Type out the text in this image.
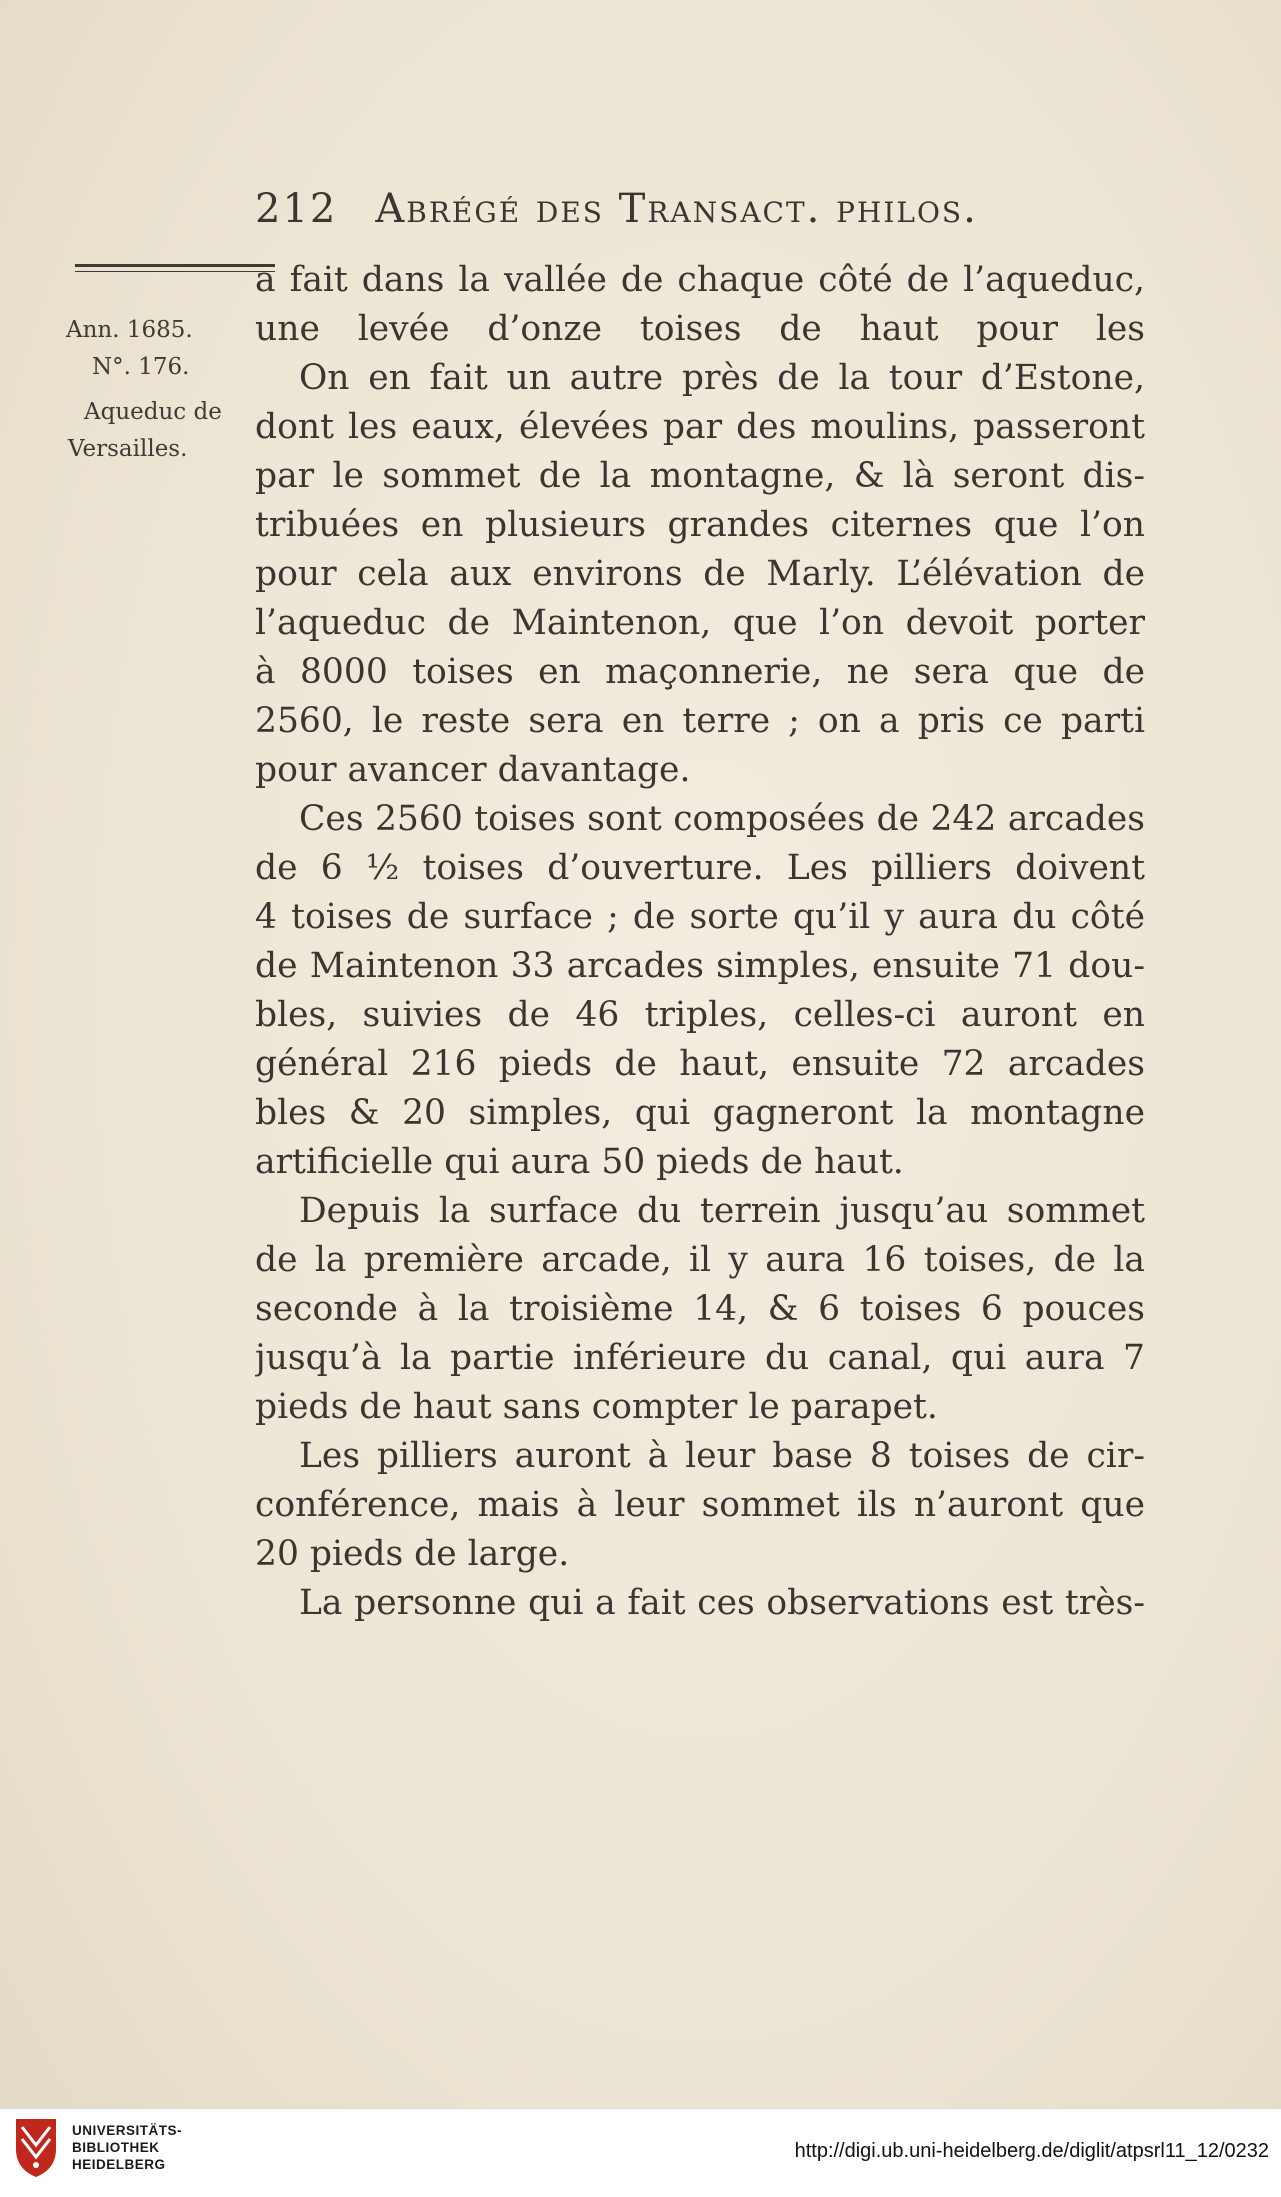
212 Abrégé des Transact. philos.
Ann. 1685.
N°. 176.
Aqueduc de
Versailles.
a fait dans la vallée de chaque côté de l’aqueduc,
une levée d’onze toises de haut pour les
On en fait un autre près de la tour d’Estone,
dont les eaux, élevées par des moulins, passeront
par le sommet de la montagne, & là seront dis-
tribuées en plusieurs grandes citernes que l’on
pour cela aux environs de Marly. L’élévation de
l’aqueduc de Maintenon, que l’on devoit porter
à 8000 toises en maçonnerie, ne sera que de
2560, le reste sera en terre ; on a pris ce parti
pour avancer davantage.
Ces 2560 toises sont composées de 242 arcades
de 6 ½ toises d’ouverture. Les pilliers doivent
4 toises de surface ; de sorte qu’il y aura du côté
de Maintenon 33 arcades simples, ensuite 71 dou-
bles, suivies de 46 triples, celles-ci auront en
général 216 pieds de haut, ensuite 72 arcades
bles & 20 simples, qui gagneront la montagne
artificielle qui aura 50 pieds de haut.
Depuis la surface du terrein jusqu’au sommet
de la première arcade, il y aura 16 toises, de la
seconde à la troisième 14, & 6 toises 6 pouces
jusqu’à la partie inférieure du canal, qui aura 7
pieds de haut sans compter le parapet.
Les pilliers auront à leur base 8 toises de cir-
conférence, mais à leur sommet ils n’auront que
20 pieds de large.
La personne qui a fait ces observations est très-
UNIVERSITÄTS-
BIBLIOTHEK
HEIDELBERG
http://digi.ub.uni-heidelberg.de/diglit/atpsrl11_12/0232
